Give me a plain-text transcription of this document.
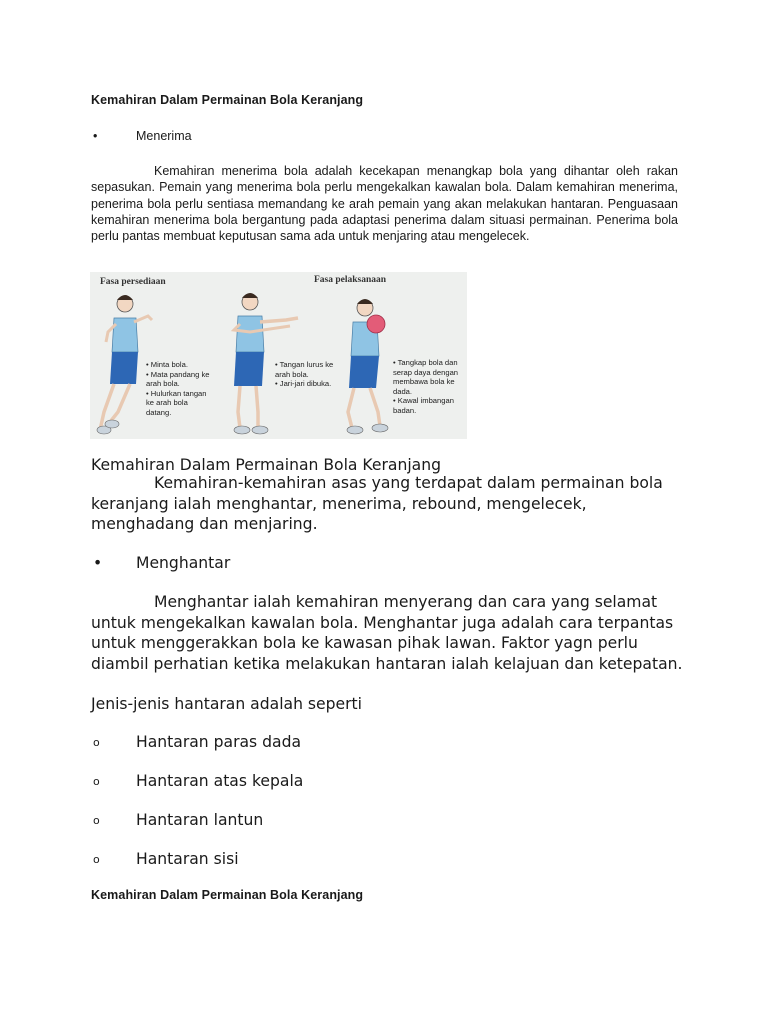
Kemahiran Dalam Permainan Bola Keranjang
•	Menerima
Kemahiran menerima bola adalah kecekapan menangkap bola yang dihantar oleh rakan sepasukan. Pemain yang menerima bola perlu mengekalkan kawalan bola. Dalam kemahiran menerima, penerima bola perlu sentiasa memandang ke arah pemain yang akan melakukan hantaran. Penguasaan kemahiran menerima bola bergantung pada adaptasi penerima dalam situasi permainan. Penerima bola perlu pantas membuat keputusan sama ada untuk menjaring atau mengelecek.
Fasa persediaan	Fasa pelaksanaan
• Minta bola.
• Mata pandang ke arah bola.
• Hulurkan tangan ke arah bola datang.
• Tangan lurus ke arah bola.
• Jari-jari dibuka.
• Tangkap bola dan serap daya dengan membawa bola ke dada.
• Kawal imbangan badan.
Kemahiran Dalam Permainan Bola Keranjang
Kemahiran-kemahiran asas yang terdapat dalam permainan bola keranjang ialah menghantar, menerima, rebound, mengelecek, menghadang dan menjaring.
• Menghantar
Menghantar ialah kemahiran menyerang dan cara yang selamat untuk mengekalkan kawalan bola. Menghantar juga adalah cara terpantas untuk menggerakkan bola ke kawasan pihak lawan. Faktor yagn perlu diambil perhatian ketika melakukan hantaran ialah kelajuan dan ketepatan.
Jenis-jenis hantaran adalah seperti
o Hantaran paras dada
o Hantaran atas kepala
o Hantaran lantun
o Hantaran sisi
Kemahiran Dalam Permainan Bola Keranjang
